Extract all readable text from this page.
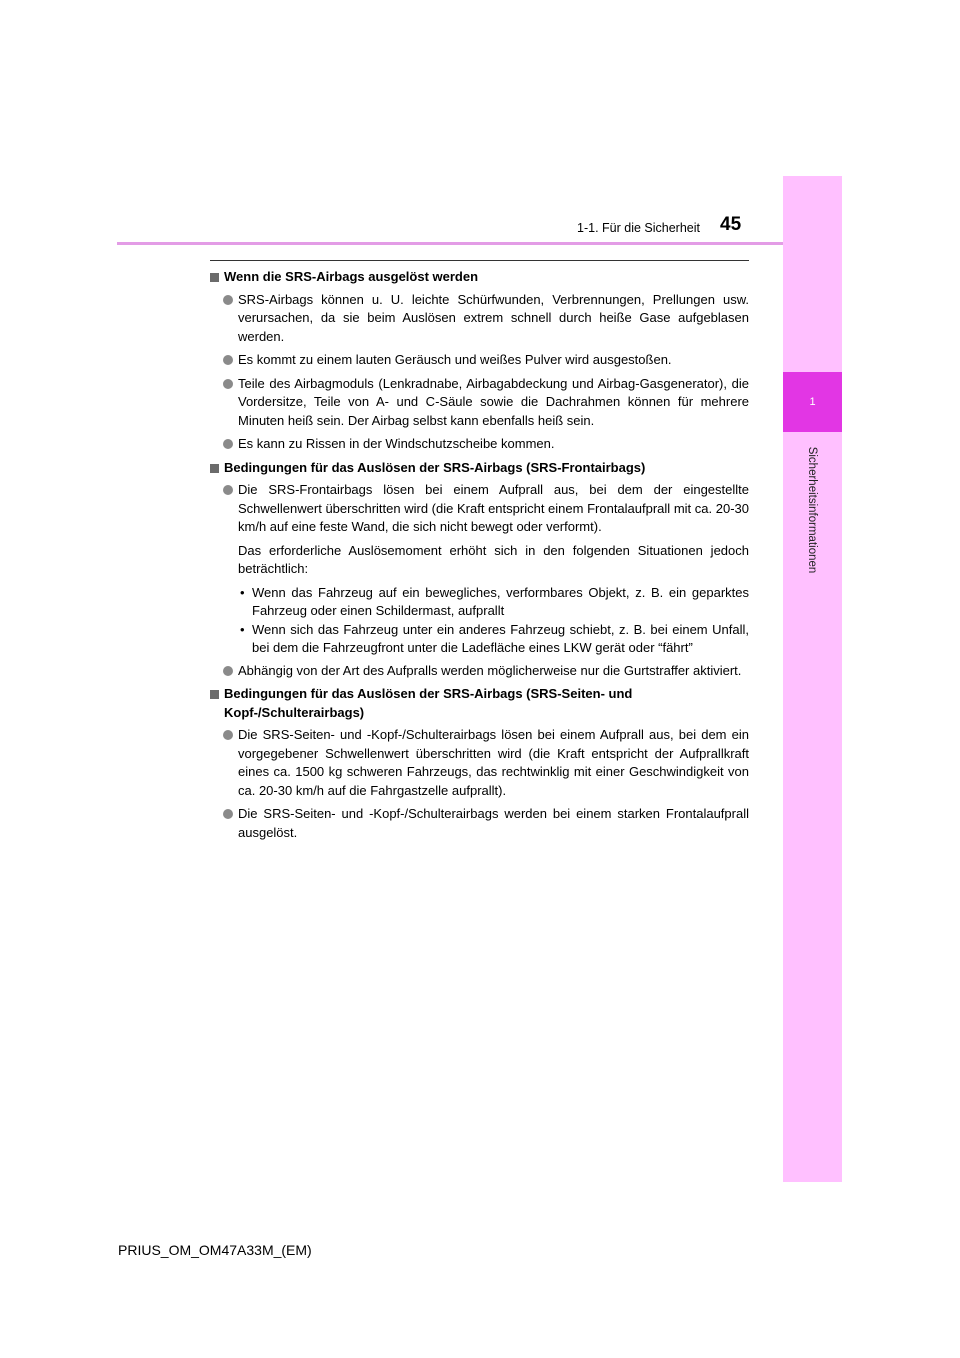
1
Sicherheitsinformationen
1-1. Für die Sicherheit 45
Wenn die SRS-Airbags ausgelöst werden
SRS-Airbags können u. U. leichte Schürfwunden, Verbrennungen, Prellungen usw. verursachen, da sie beim Auslösen extrem schnell durch heiße Gase aufgeblasen werden.
Es kommt zu einem lauten Geräusch und weißes Pulver wird ausgestoßen.
Teile des Airbagmoduls (Lenkradnabe, Airbagabdeckung und Airbag-Gasgenerator), die Vordersitze, Teile von A- und C-Säule sowie die Dachrahmen können für mehrere Minuten heiß sein. Der Airbag selbst kann ebenfalls heiß sein.
Es kann zu Rissen in der Windschutzscheibe kommen.
Bedingungen für das Auslösen der SRS-Airbags (SRS-Frontairbags)
Die SRS-Frontairbags lösen bei einem Aufprall aus, bei dem der eingestellte Schwellenwert überschritten wird (die Kraft entspricht einem Frontalaufprall mit ca. 20-30 km/h auf eine feste Wand, die sich nicht bewegt oder verformt).
Das erforderliche Auslösemoment erhöht sich in den folgenden Situationen jedoch beträchtlich:
• Wenn das Fahrzeug auf ein bewegliches, verformbares Objekt, z. B. ein geparktes Fahrzeug oder einen Schildermast, aufprallt
• Wenn sich das Fahrzeug unter ein anderes Fahrzeug schiebt, z. B. bei einem Unfall, bei dem die Fahrzeugfront unter die Ladefläche eines LKW gerät oder “fährt”
Abhängig von der Art des Aufpralls werden möglicherweise nur die Gurtstraffer aktiviert.
Bedingungen für das Auslösen der SRS-Airbags (SRS-Seiten- und Kopf-/Schulterairbags)
Die SRS-Seiten- und -Kopf-/Schulterairbags lösen bei einem Aufprall aus, bei dem ein vorgegebener Schwellenwert überschritten wird (die Kraft entspricht der Aufprallkraft eines ca. 1500 kg schweren Fahrzeugs, das rechtwinklig mit einer Geschwindigkeit von ca. 20-30 km/h auf die Fahrgastzelle aufprallt).
Die SRS-Seiten- und -Kopf-/Schulterairbags werden bei einem starken Frontalaufprall ausgelöst.
PRIUS_OM_OM47A33M_(EM)
